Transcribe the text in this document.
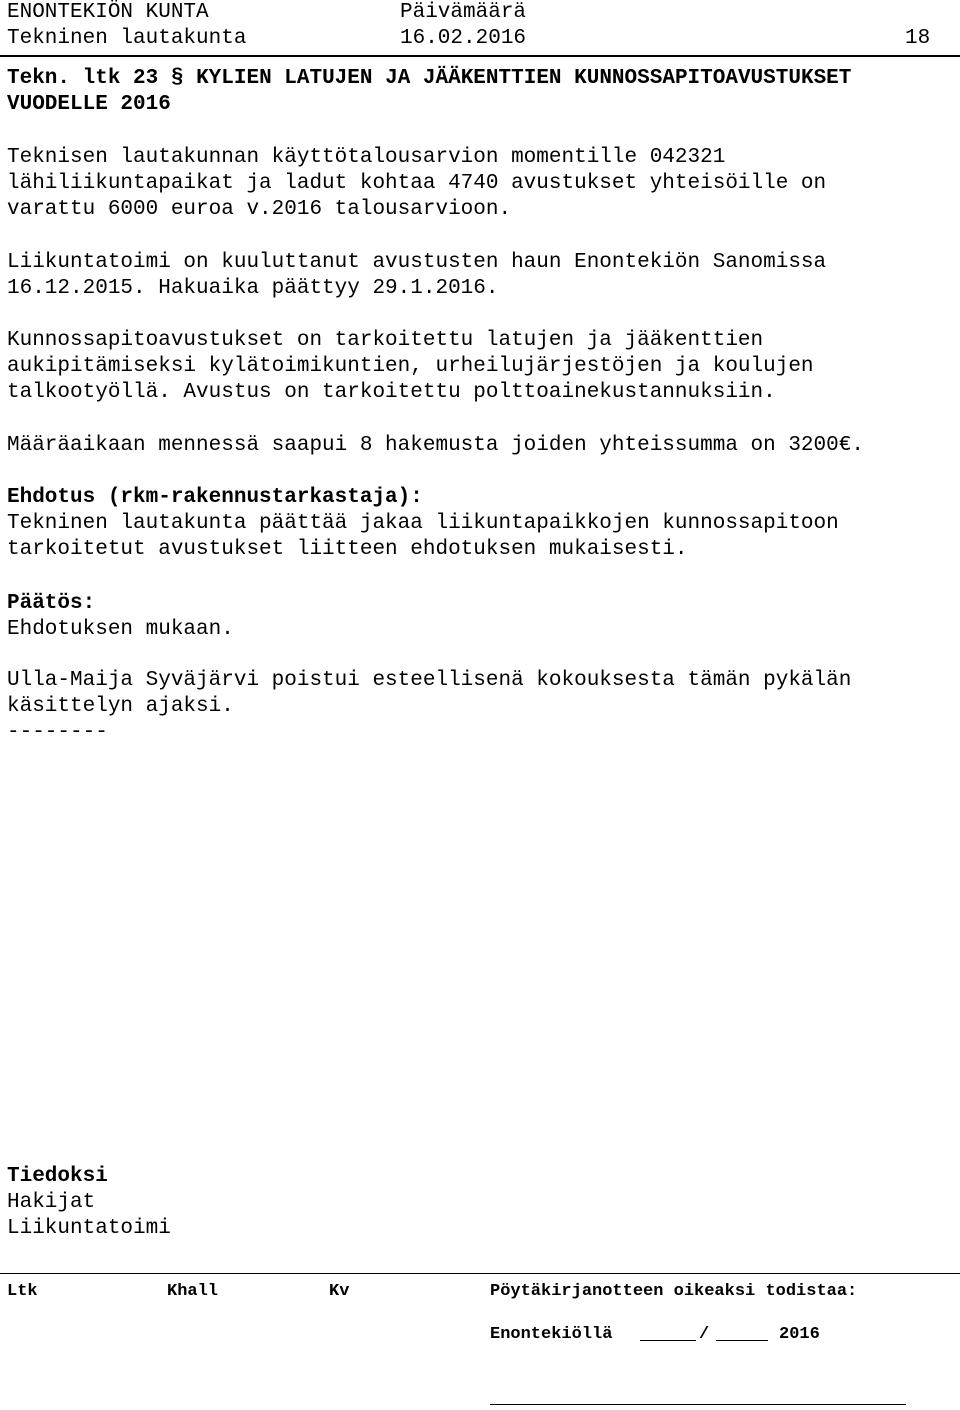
ENONTEKIÖN KUNTA	Päivämäärä
Tekninen lautakunta	16.02.2016	18
Tekn. ltk 23 § KYLIEN LATUJEN JA JÄÄKENTTIEN KUNNOSSAPITOAVUSTUKSET
VUODELLE 2016
Teknisen lautakunnan käyttötalousarvion momentille 042321
lähiliikuntapaikat ja ladut kohtaa 4740 avustukset yhteisöille on
varattu 6000 euroa v.2016 talousarvioon.
Liikuntatoimi on kuuluttanut avustusten haun Enontekiön Sanomissa
16.12.2015. Hakuaika päättyy 29.1.2016.
Kunnossapitoavustukset on tarkoitettu latujen ja jääkenttien
aukipitämiseksi kylätoimikuntien, urheilujärjestöjen ja koulujen
talkootyöllä. Avustus on tarkoitettu polttoainekustannuksiin.
Määräaikaan mennessä saapui 8 hakemusta joiden yhteissumma on 3200€.
Ehdotus (rkm-rakennustarkastaja):
Tekninen lautakunta päättää jakaa liikuntapaikkojen kunnossapitoon
tarkoitetut avustukset liitteen ehdotuksen mukaisesti.
Päätös:
Ehdotuksen mukaan.
Ulla-Maija Syväjärvi poistui esteellisenä kokouksesta tämän pykälän
käsittelyn ajaksi.
--------
Tiedoksi
Hakijat
Liikuntatoimi
Ltk	Khall	Kv	Pöytäkirjanotteen oikeaksi todistaa:
Enontekiöllä	/	2016
